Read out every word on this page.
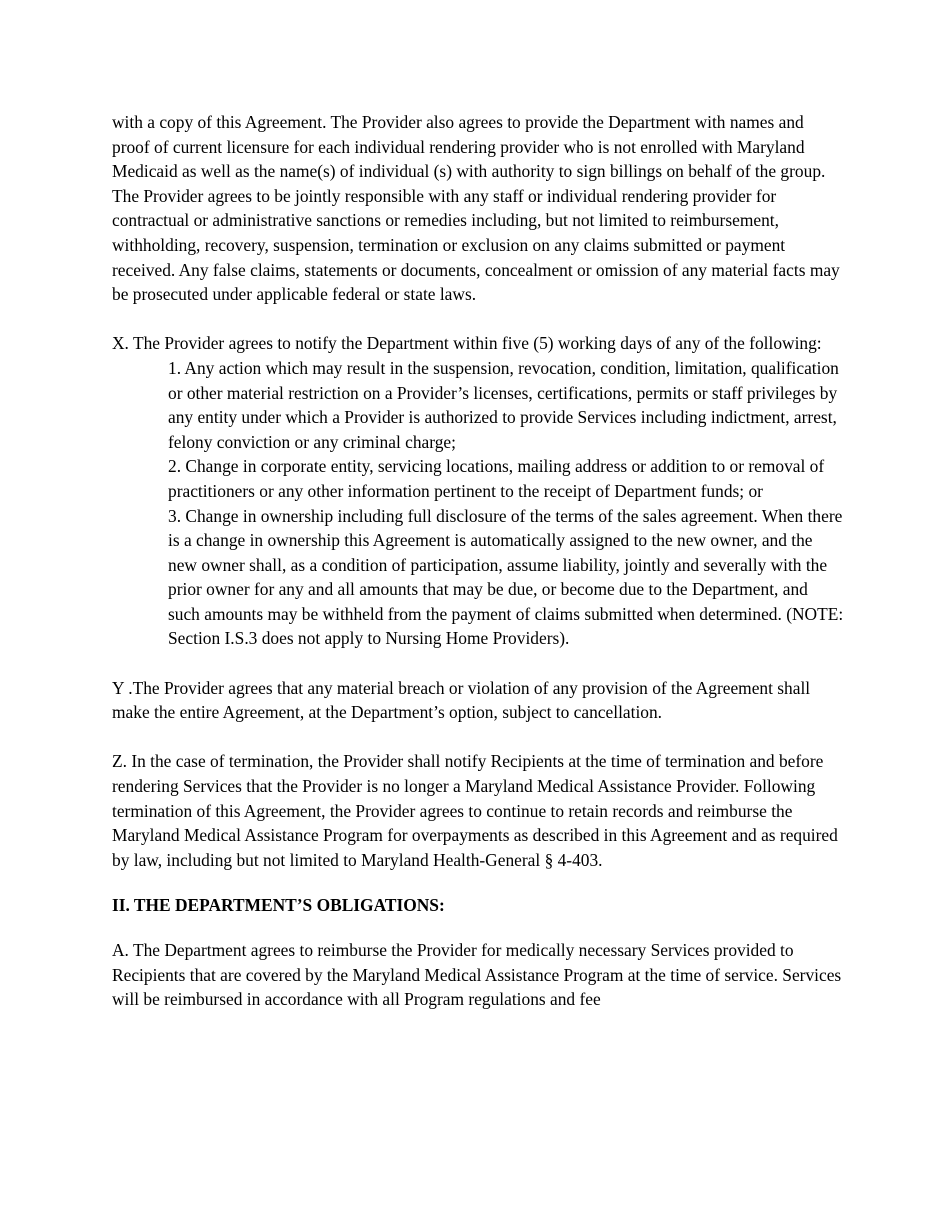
with a copy of this Agreement. The Provider also agrees to provide the Department with names and proof of current licensure for each individual rendering provider who is not enrolled with Maryland Medicaid as well as the name(s) of individual (s) with authority to sign billings on behalf of the group. The Provider agrees to be jointly responsible with any staff or individual rendering provider for contractual or administrative sanctions or remedies including, but not limited to reimbursement, withholding, recovery, suspension, termination or exclusion on any claims submitted or payment received. Any false claims, statements or documents, concealment or omission of any material facts may be prosecuted under applicable federal or state laws.

X. The Provider agrees to notify the Department within five (5) working days of any of the following:

1. Any action which may result in the suspension, revocation, condition, limitation, qualification or other material restriction on a Provider’s licenses, certifications, permits or staff privileges by any entity under which a Provider is authorized to provide Services including indictment, arrest, felony conviction or any criminal charge;

2. Change in corporate entity, servicing locations, mailing address or addition to or removal of practitioners or any other information pertinent to the receipt of Department funds; or

3. Change in ownership including full disclosure of the terms of the sales agreement. When there is a change in ownership this Agreement is automatically assigned to the new owner, and the new owner shall, as a condition of participation, assume liability, jointly and severally with the prior owner for any and all amounts that may be due, or become due to the Department, and such amounts may be withheld from the payment of claims submitted when determined. (NOTE: Section I.S.3 does not apply to Nursing Home Providers).

Y .The Provider agrees that any material breach or violation of any provision of the Agreement shall make the entire Agreement, at the Department’s option, subject to cancellation.

Z. In the case of termination, the Provider shall notify Recipients at the time of termination and before rendering Services that the Provider is no longer a Maryland Medical Assistance Provider. Following termination of this Agreement, the Provider agrees to continue to retain records and reimburse the Maryland Medical Assistance Program for overpayments as described in this Agreement and as required by law, including but not limited to Maryland Health-General § 4-403.

II. THE DEPARTMENT’S OBLIGATIONS:

A. The Department agrees to reimburse the Provider for medically necessary Services provided to Recipients that are covered by the Maryland Medical Assistance Program at the time of service. Services will be reimbursed in accordance with all Program regulations and fee
